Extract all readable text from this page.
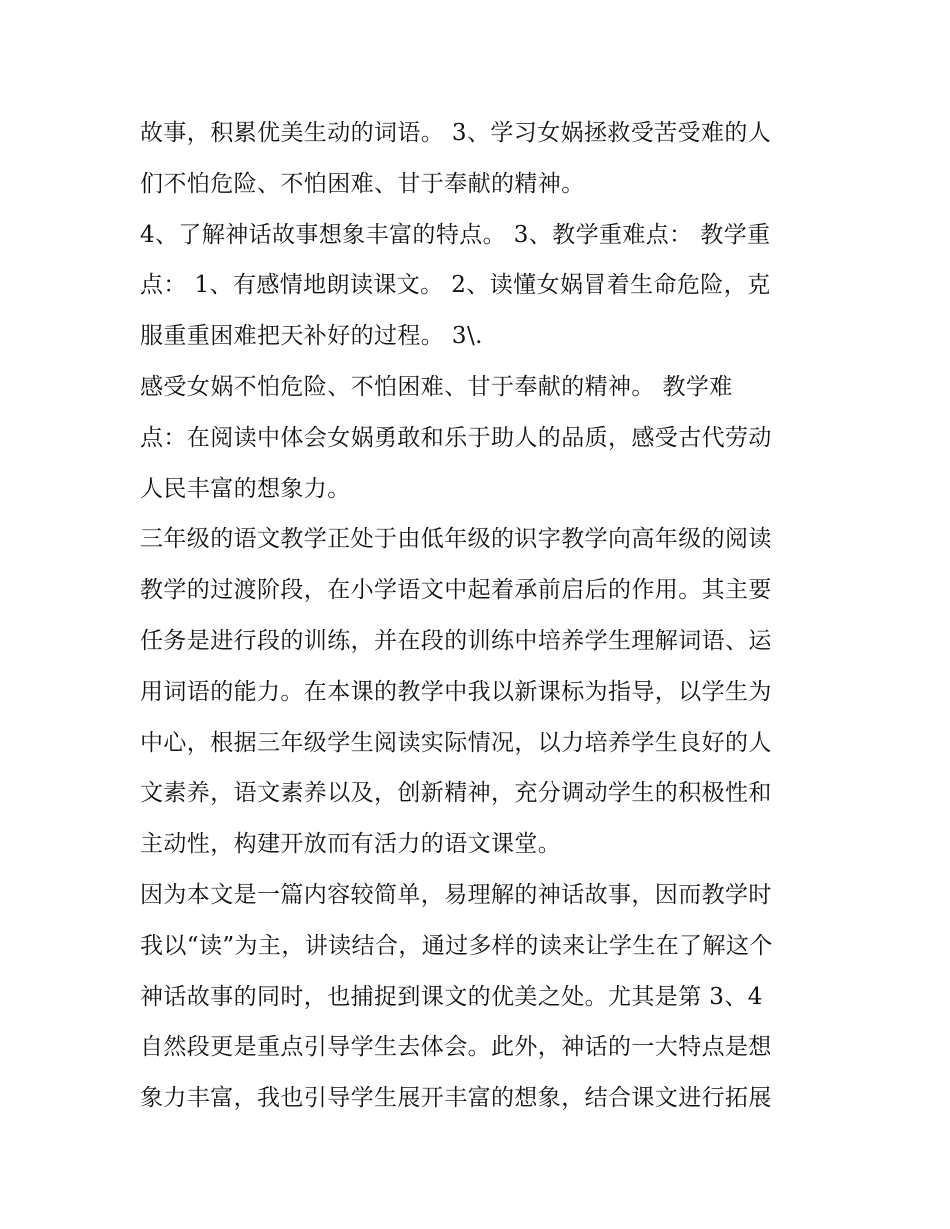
故事，积累优美生动的词语。 3、学习女娲拯救受苦受难的人
们不怕危险、不怕困难、甘于奉献的精神。
4、了解神话故事想象丰富的特点。 3、教学重难点： 教学重
点： 1、有感情地朗读课文。 2、读懂女娲冒着生命危险，克
服重重困难把天补好的过程。 3\.
感受女娲不怕危险、不怕困难、甘于奉献的精神。 教学难
点：在阅读中体会女娲勇敢和乐于助人的品质，感受古代劳动
人民丰富的想象力。
三年级的语文教学正处于由低年级的识字教学向高年级的阅读
教学的过渡阶段，在小学语文中起着承前启后的作用。其主要
任务是进行段的训练，并在段的训练中培养学生理解词语、运
用词语的能力。在本课的教学中我以新课标为指导，以学生为
中心，根据三年级学生阅读实际情况，以力培养学生良好的人
文素养，语文素养以及，创新精神，充分调动学生的积极性和
主动性，构建开放而有活力的语文课堂。
因为本文是一篇内容较简单，易理解的神话故事，因而教学时
我以“读”为主，讲读结合，通过多样的读来让学生在了解这个
神话故事的同时，也捕捉到课文的优美之处。尤其是第 3、4
自然段更是重点引导学生去体会。此外，神话的一大特点是想
象力丰富，我也引导学生展开丰富的想象，结合课文进行拓展
